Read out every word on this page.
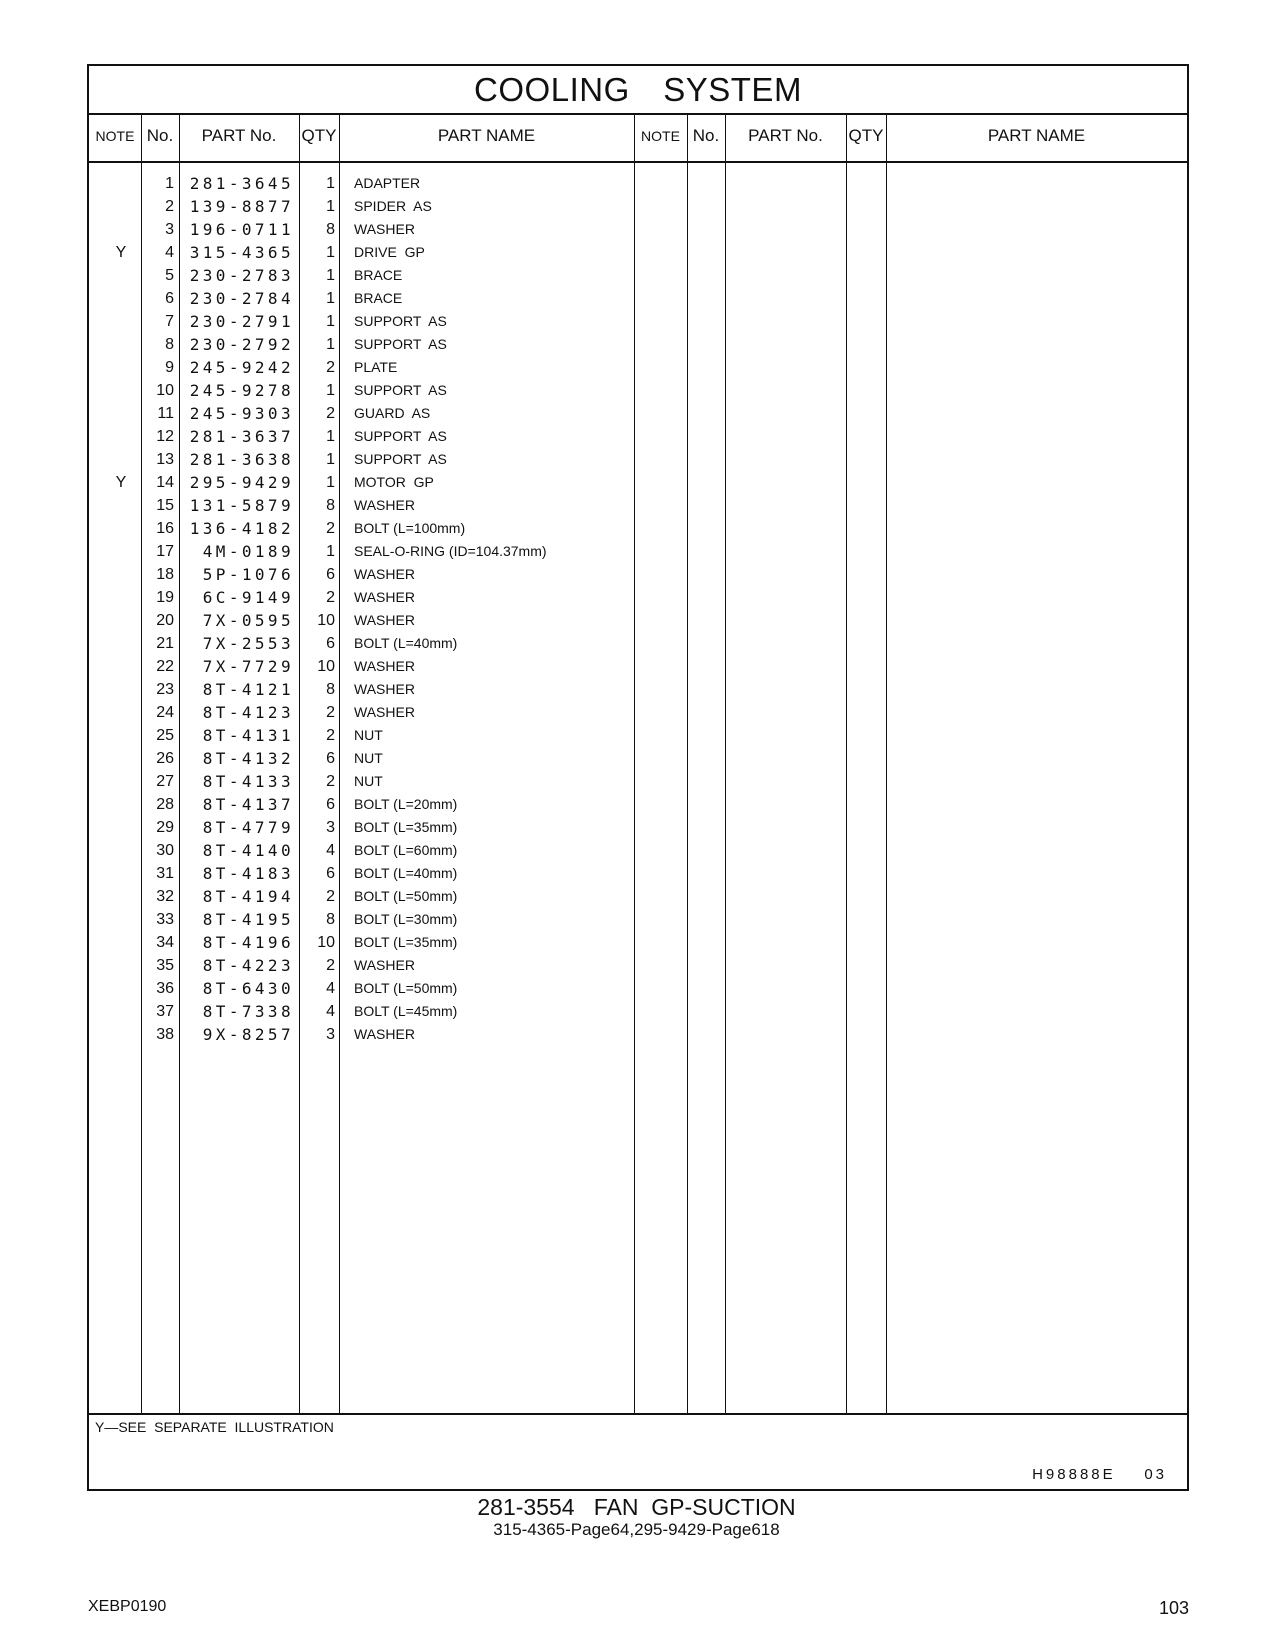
COOLING　SYSTEM
NOTE No.	PART No.	QTY	PART NAME	NOTE No.	PART No.	QTY	PART NAME
1 281-3645	1 ADAPTER
2 139-8877	1 SPIDER  AS
3 196-0711	8 WASHER
Y	4 315-4365	1 DRIVE  GP
5 230-2783	1 BRACE
6 230-2784	1 BRACE
7 230-2791	1 SUPPORT  AS
8 230-2792	1 SUPPORT  AS
9 245-9242	2 PLATE
10 245-9278	1 SUPPORT  AS
11 245-9303	2 GUARD  AS
12 281-3637	1 SUPPORT  AS
13 281-3638	1 SUPPORT  AS
Y	14 295-9429	1 MOTOR  GP
15 131-5879	8 WASHER
16 136-4182	2 BOLT (L=100mm)
17	4M-0189	1 SEAL-O-RING (ID=104.37mm)
18	5P-1076	6 WASHER
19	6C-9149	2 WASHER
20	7X-0595	10 WASHER
21	7X-2553	6 BOLT (L=40mm)
22	7X-7729	10 WASHER
23	8T-4121	8 WASHER
24	8T-4123	2 WASHER
25	8T-4131	2 NUT
26	8T-4132	6 NUT
27	8T-4133	2 NUT
28	8T-4137	6 BOLT (L=20mm)
29	8T-4779	3 BOLT (L=35mm)
30	8T-4140	4 BOLT (L=60mm)
31	8T-4183	6 BOLT (L=40mm)
32	8T-4194	2 BOLT (L=50mm)
33	8T-4195	8 BOLT (L=30mm)
34	8T-4196	10 BOLT (L=35mm)
35	8T-4223	2 WASHER
36	8T-6430	4 BOLT (L=50mm)
37	8T-7338	4 BOLT (L=45mm)
38	9X-8257	3 WASHER
Y―SEE  SEPARATE  ILLUSTRATION
H98888E    03
281-3554   FAN  GP-SUCTION
315-4365-Page64,295-9429-Page618
XEBP0190	103
